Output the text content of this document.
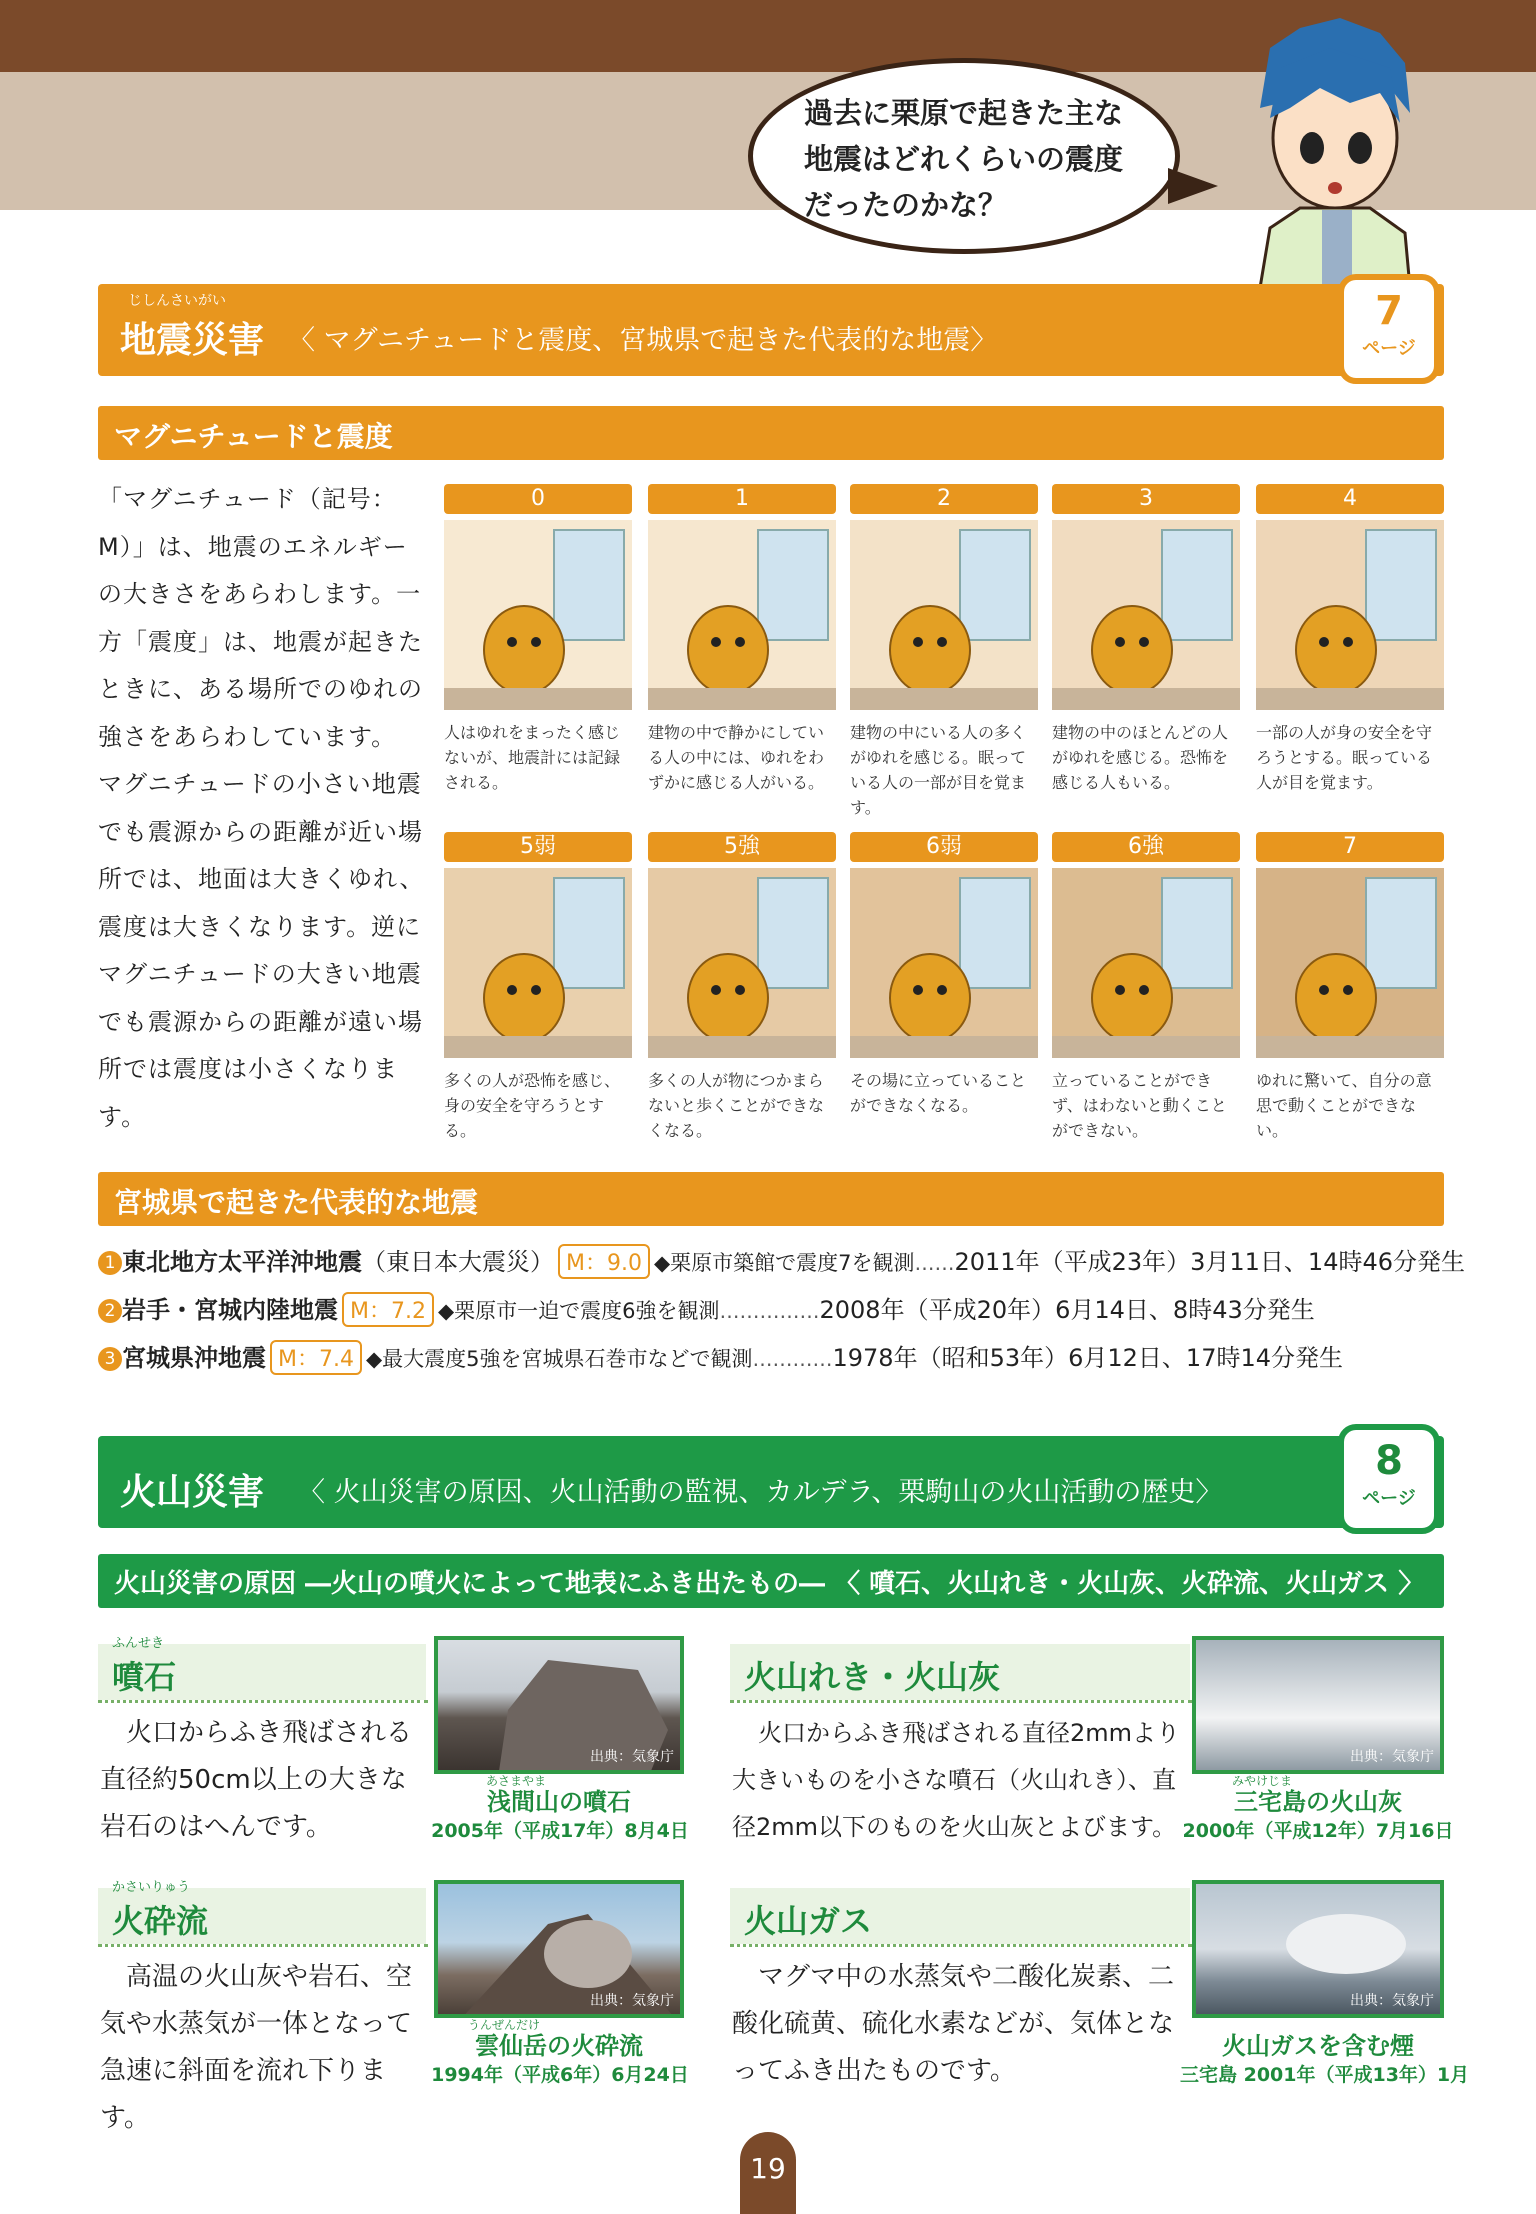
過去に栗原で起きた主な
地震はどれくらいの震度
だったのかな？
じしんさいがい
地震災害 〈 マグニチュードと震度、宮城県で起きた代表的な地震〉
7
ページ
マグニチュードと震度
「マグニチュード（記号：M）」は、地震のエネルギーの大きさをあらわします。一方「震度」は、地震が起きたときに、ある場所でのゆれの強さをあらわしています。　マグニチュードの小さい地震でも震源からの距離が近い場所では、地面は大きくゆれ、震度は大きくなります。逆にマグニチュードの大きい地震でも震源からの距離が遠い場所では震度は小さくなります。
0
人はゆれをまったく感じないが、地震計には記録される。
1
建物の中で静かにしている人の中には、ゆれをわずかに感じる人がいる。
2
建物の中にいる人の多くがゆれを感じる。眠っている人の一部が目を覚ます。
3
建物の中のほとんどの人がゆれを感じる。恐怖を感じる人もいる。
4
一部の人が身の安全を守ろうとする。眠っている人が目を覚ます。
5弱
多くの人が恐怖を感じ、身の安全を守ろうとする。
5強
多くの人が物につかまらないと歩くことができなくなる。
6弱
その場に立っていることができなくなる。
6強
立っていることができず、はわないと動くことができない。
7
ゆれに驚いて、自分の意思で動くことができない。
宮城県で起きた代表的な地震
1 東北地方太平洋沖地震（東日本大震災） M：9.0 ◆栗原市築館で震度7を観測……2011年（平成23年）3月11日、14時46分発生
2 岩手・宮城内陸地震 M：7.2 ◆栗原市一迫で震度6強を観測……………2008年（平成20年）6月14日、8時43分発生
3 宮城県沖地震 M：7.4 ◆最大震度5強を宮城県石巻市などで観測…………1978年（昭和53年）6月12日、17時14分発生
火山災害 〈 火山災害の原因、火山活動の監視、カルデラ、栗駒山の火山活動の歴史〉
8
ページ
火山災害の原因 ―火山の噴火によって地表にふき出たもの― 〈 噴石、火山れき・火山灰、火砕流、火山ガス 〉
噴石
ふんせき
火口からふき飛ばされる直径約50cm以上の大きな岩石のはへんです。
出典：気象庁
浅間山の噴石
あさまやま
2005年（平成17年）8月4日
火山れき・火山灰
火口からふき飛ばされる直径2mmより大きいものを小さな噴石（火山れき）、直径2mm以下のものを火山灰とよびます。
出典：気象庁
みやけじま
三宅島の火山灰
2000年（平成12年）7月16日
火砕流
かさいりゅう
高温の火山灰や岩石、空気や水蒸気が一体となって急速に斜面を流れ下ります。
出典：気象庁
うんぜんだけ
雲仙岳の火砕流
1994年（平成6年）6月24日
火山ガス
マグマ中の水蒸気や二酸化炭素、二酸化硫黄、硫化水素などが、気体となってふき出たものです。
出典：気象庁
火山ガスを含む煙
三宅島 2001年（平成13年）1月
19
